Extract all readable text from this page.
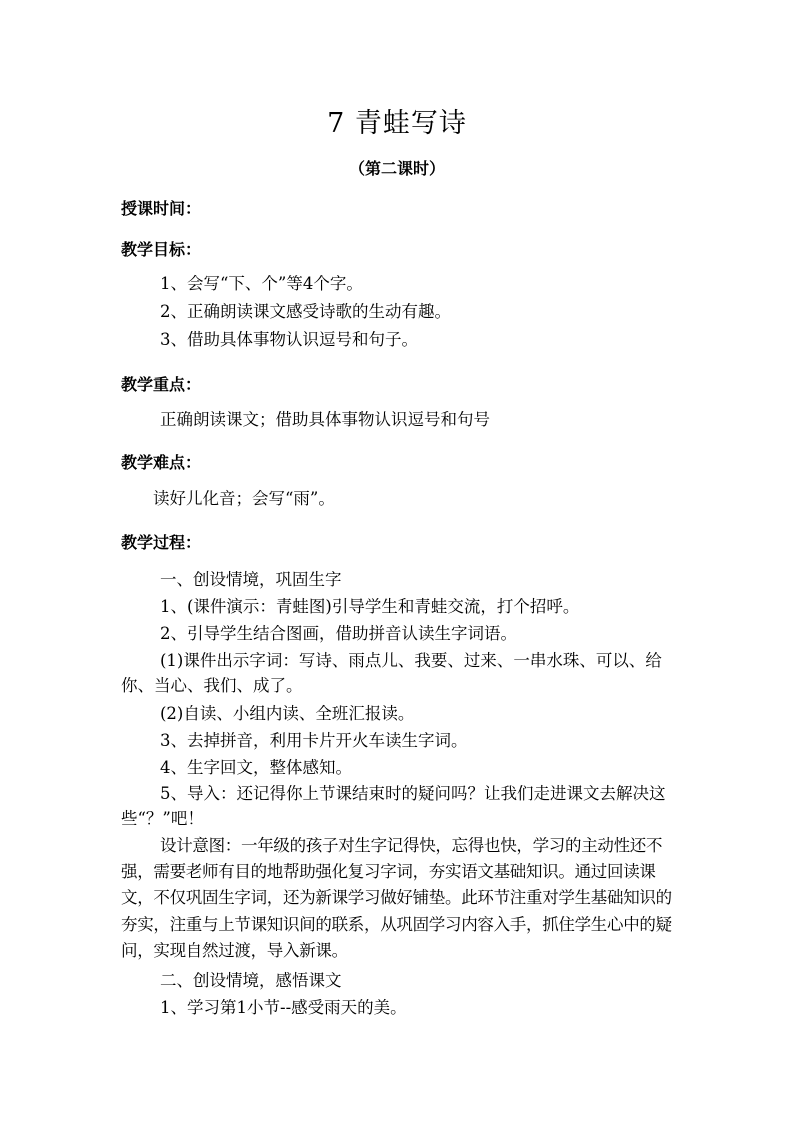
7 青蛙写诗
（第二课时）
授课时间：
教学目标：
1、会写“下、个”等4个字。
2、正确朗读课文感受诗歌的生动有趣。
3、借助具体事物认识逗号和句子。
教学重点：
正确朗读课文；借助具体事物认识逗号和句号
教学难点：
读好儿化音；会写“雨”。
教学过程：
一、创设情境，巩固生字
1、(课件演示：青蛙图)引导学生和青蛙交流，打个招呼。
2、引导学生结合图画，借助拼音认读生字词语。
(1)课件出示字词：写诗、雨点儿、我要、过来、一串水珠、可以、给你、当心、我们、成了。
(2)自读、小组内读、全班汇报读。
3、去掉拼音，利用卡片开火车读生字词。
4、生字回文，整体感知。
5、导入：还记得你上节课结束时的疑问吗？让我们走进课文去解决这些“？”吧！
设计意图：一年级的孩子对生字记得快，忘得也快，学习的主动性还不强，需要老师有目的地帮助强化复习字词，夯实语文基础知识。通过回读课文，不仅巩固生字词，还为新课学习做好铺垫。此环节注重对学生基础知识的夯实，注重与上节课知识间的联系，从巩固学习内容入手，抓住学生心中的疑问，实现自然过渡，导入新课。
二、创设情境，感悟课文
1、学习第1小节--感受雨天的美。
